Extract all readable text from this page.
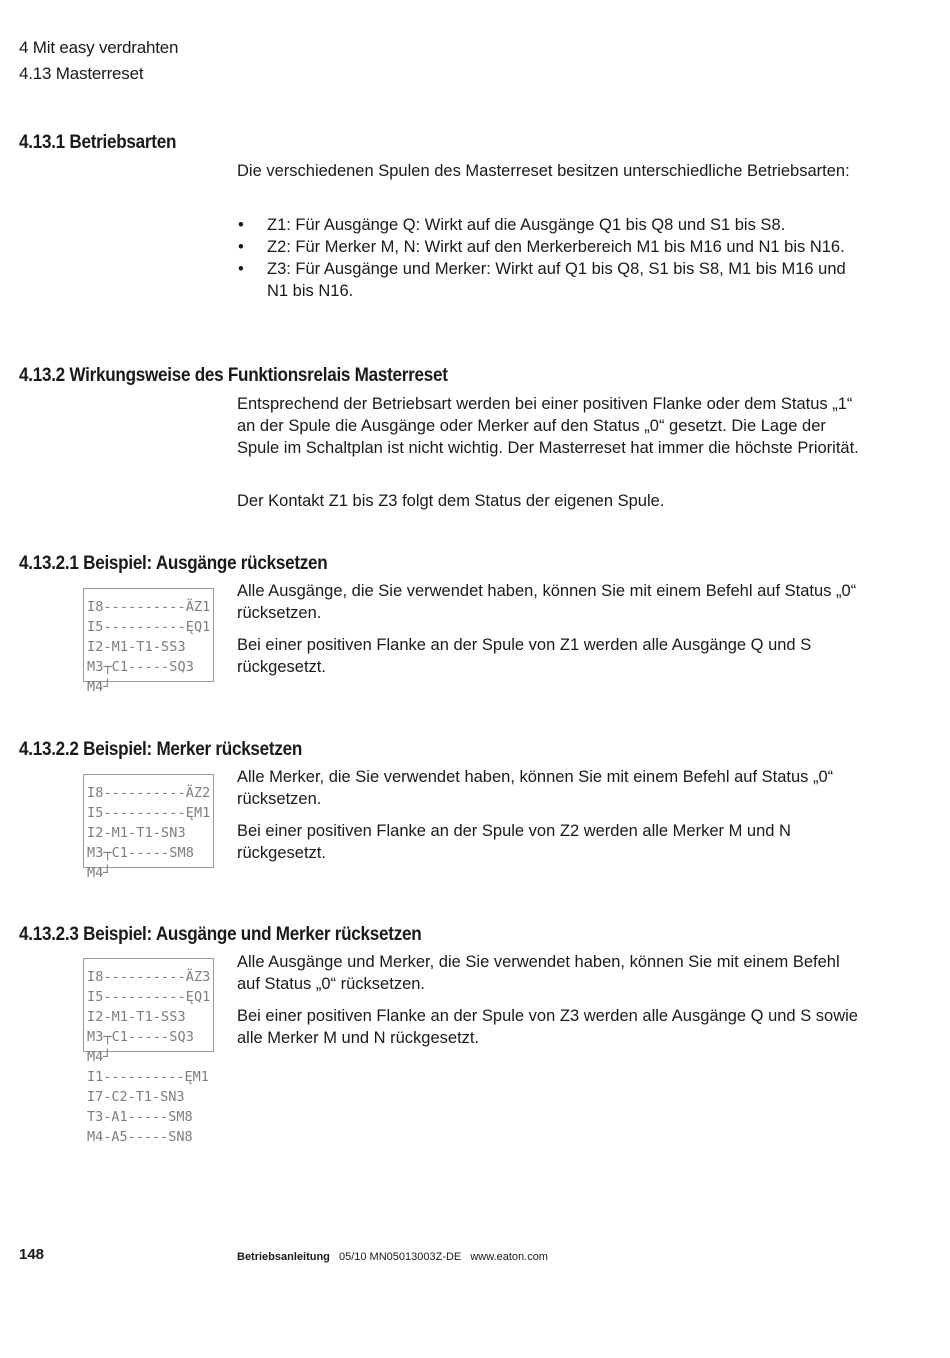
4 Mit easy verdrahten
4.13 Masterreset
4.13.1 Betriebsarten

Die verschiedenen Spulen des Masterreset besitzen unterschiedliche Betriebsarten:

• Z1: Für Ausgänge Q: Wirkt auf die Ausgänge Q1 bis Q8 und S1 bis S8.
• Z2: Für Merker M, N: Wirkt auf den Merkerbereich M1 bis M16 und N1 bis N16.
• Z3: Für Ausgänge und Merker: Wirkt auf Q1 bis Q8, S1 bis S8, M1 bis M16 und N1 bis N16.
4.13.2 Wirkungsweise des Funktionsrelais Masterreset

Entsprechend der Betriebsart werden bei einer positiven Flanke oder dem Status „1“ an der Spule die Ausgänge oder Merker auf den Status „0“ gesetzt. Die Lage der Spule im Schaltplan ist nicht wichtig. Der Masterreset hat immer die höchste Priorität.

Der Kontakt Z1 bis Z3 folgt dem Status der eigenen Spule.

4.13.2.1 Beispiel: Ausgänge rücksetzen

Alle Ausgänge, die Sie verwendet haben, können Sie mit einem Befehl auf Status „0“ rücksetzen.

Bei einer positiven Flanke an der Spule von Z1 werden alle Ausgänge Q und S rückgesetzt.

I8----------ÄZ1
I5----------ĘQ1
I2-M1-T1-SS3
M3┬C1-----SQ3
M4┘
4.13.2.2 Beispiel: Merker rücksetzen

Alle Merker, die Sie verwendet haben, können Sie mit einem Befehl auf Status „0“ rücksetzen.

Bei einer positiven Flanke an der Spule von Z2 werden alle Merker M und N rückgesetzt.

I8----------ÄZ2
I5----------ĘM1
I2-M1-T1-SN3
M3┬C1-----SM8
M4┘
4.13.2.3 Beispiel: Ausgänge und Merker rücksetzen

Alle Ausgänge und Merker, die Sie verwendet haben, können Sie mit einem Befehl auf Status „0“ rücksetzen.

Bei einer positiven Flanke an der Spule von Z3 werden alle Ausgänge Q und S sowie alle Merker M und N rückgesetzt.

I8----------ÄZ3
I5----------ĘQ1
I2-M1-T1-SS3
M3┬C1-----SQ3
M4┘
I1----------ĘM1
I7-C2-T1-SN3
T3-A1-----SM8
M4-A5-----SN8
148	Betriebsanleitung 05/10 MN05013003Z-DE www.eaton.com
